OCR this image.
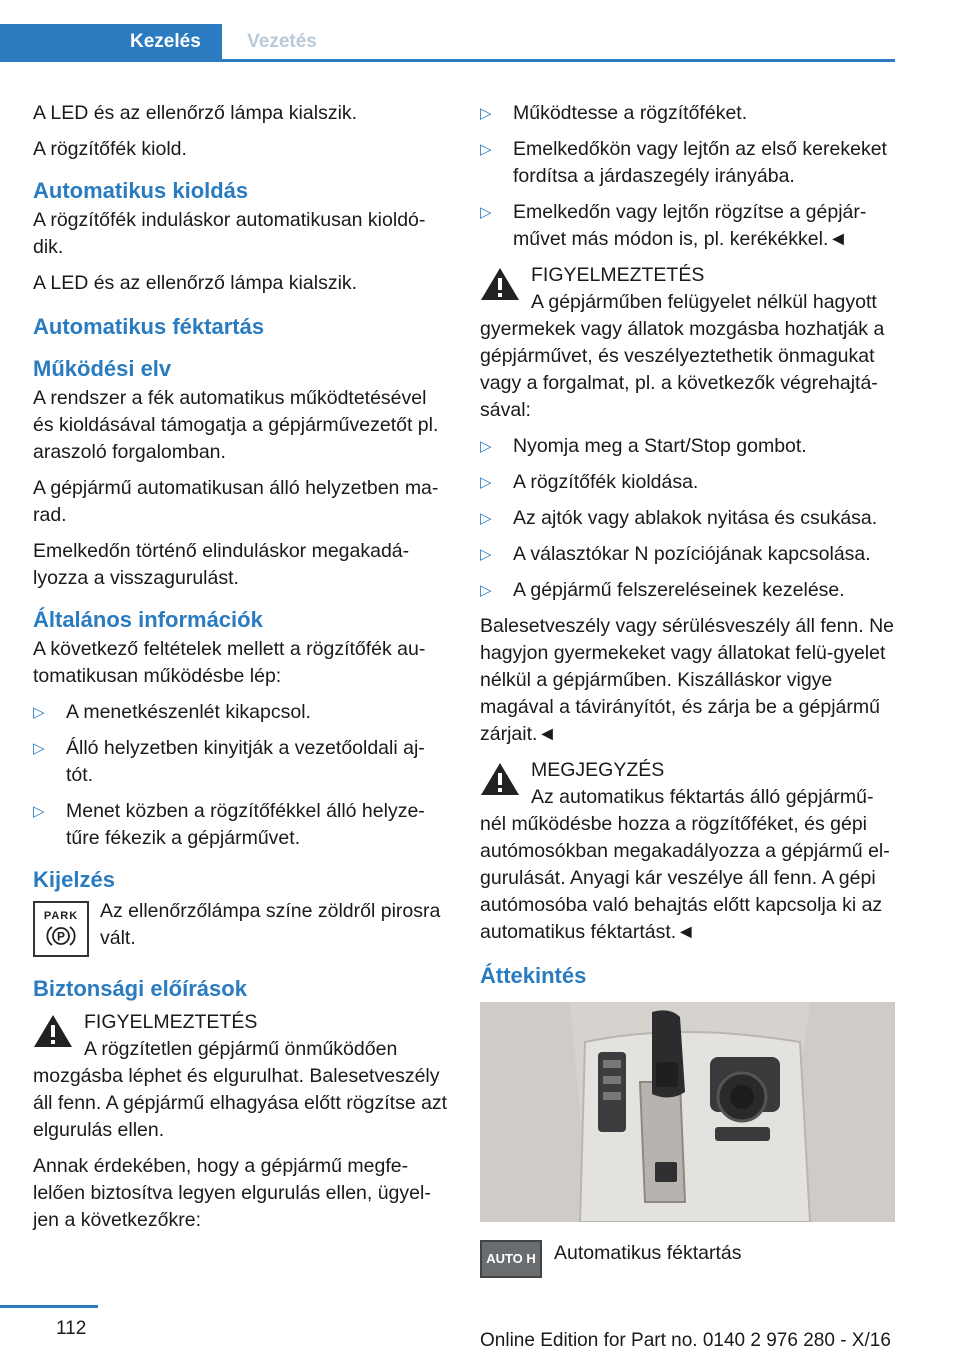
Kezelés	Vezetés

A LED és az ellenőrző lámpa kialszik.

A rögzítőfék kiold.

Automatikus kioldás

A rögzítőfék induláskor automatikusan kioldó-dik.

A LED és az ellenőrző lámpa kialszik.

Automatikus féktartás
Működési elv

A rendszer a fék automatikus működtetésével és kioldásával támogatja a gépjárművezetőt pl. araszoló forgalomban.

A gépjármű automatikusan álló helyzetben ma-rad.

Emelkedőn történő elinduláskor megakadá-lyozza a visszagurulást.

Általános információk

A következő feltételek mellett a rögzítőfék au-tomatikusan működésbe lép:

▷ A menetkészenlét kikapcsol.
▷ Álló helyzetben kinyitják a vezetőoldali aj-tót.
▷ Menet közben a rögzítőfékkel álló helyze-tűre fékezik a gépjárművet.
Kijelzés
PARK
P

Az ellenőrzőlámpa színe zöldről pirosra vált.

Biztonsági előírások
FIGYELMEZTETÉS
A rögzítetlen gépjármű önműködően mozgásba léphet és elgurulhat. Balesetveszély áll fenn. A gépjármű elhagyása előtt rögzítse azt elgurulás ellen.

Annak érdekében, hogy a gépjármű megfe-lelően biztosítva legyen elgurulás ellen, ügyel-jen a következőkre:

▷ Működtesse a rögzítőféket.
▷ Emelkedőkön vagy lejtőn az első kerekeket fordítsa a járdaszegély irányába.
▷ Emelkedőn vagy lejtőn rögzítse a gépjár-művet más módon is, pl. kerékékkel.◄
FIGYELMEZTETÉS
A gépjárműben felügyelet nélkül hagyott gyermekek vagy állatok mozgásba hozhatják a gépjárművet, és veszélyeztethetik önmagukat vagy a forgalmat, pl. a következők végrehajtá-sával:
▷ Nyomja meg a Start/Stop gombot.
▷ A rögzítőfék kioldása.
▷ Az ajtók vagy ablakok nyitása és csukása.
▷ A választókar N pozíciójának kapcsolása.
▷ A gépjármű felszereléseinek kezelése.

Balesetveszély vagy sérülésveszély áll fenn. Ne hagyjon gyermekeket vagy állatokat felü-gyelet nélkül a gépjárműben. Kiszálláskor vigye magával a távirányítót, és zárja be a gépjármű zárjait.◄

MEGJEGYZÉS
Az automatikus féktartás álló gépjármű-nél működésbe hozza a rögzítőféket, és gépi autómosókban megakadályozza a gépjármű el-gurulását. Anyagi kár veszélye áll fenn. A gépi autómosóba való behajtás előtt kapcsolja ki az automatikus féktartást.◄
Áttekintés
AUTO H Automatikus féktartás
112
Online Edition for Part no. 0140 2 976 280 - X/16
